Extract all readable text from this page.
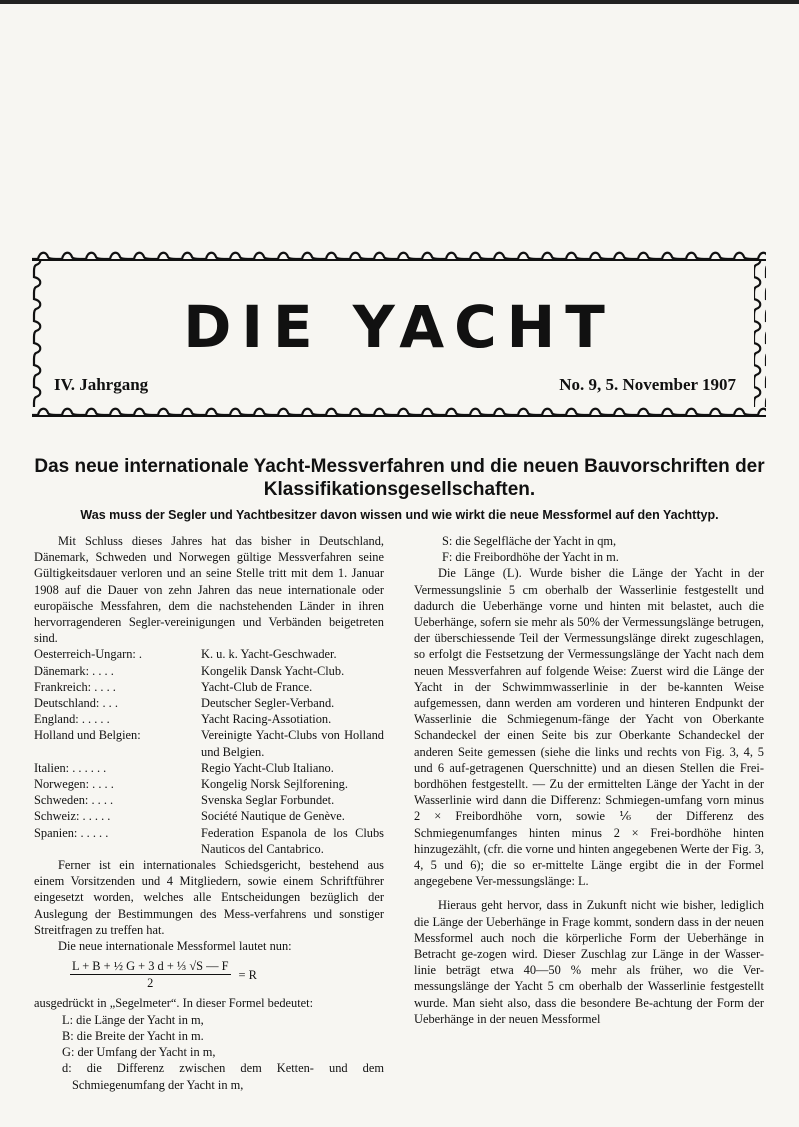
DIE YACHT
IV. Jahrgang	No. 9, 5. November 1907
Das neue internationale Yacht-Messverfahren und die neuen Bauvorschriften der Klassifikationsgesellschaften.
Was muss der Segler und Yachtbesitzer davon wissen und wie wirkt die neue Messformel auf den Yachttyp.

Mit Schluss dieses Jahres hat das bisher in Deutschland, Dänemark, Schweden und Norwegen gültige Messverfahren seine Gültigkeitsdauer verloren und an seine Stelle tritt mit dem 1. Januar 1908 auf die Dauer von zehn Jahren das neue internationale oder europäische Messfahren, dem die nachstehenden Länder in ihren hervorragenderen Segler-vereinigungen und Verbänden beigetreten sind.

Oesterreich-Ungarn: .	K. u. k. Yacht-Geschwader.
Dänemark: . . . .	Kongelik Dansk Yacht-Club.
Frankreich: . . . .	Yacht-Club de France.
Deutschland: . . .	Deutscher Segler-Verband.
England: . . . . .	Yacht Racing-Assotiation.
Holland und Belgien:	Vereinigte Yacht-Clubs von Holland und Belgien.
Italien: . . . . . .	Regio Yacht-Club Italiano.
Norwegen: . . . .	Kongelig Norsk Sejlforening.
Schweden: . . . .	Svenska Seglar Forbundet.
Schweiz: . . . . .	Société Nautique de Genève.
Spanien: . . . . .	Federation Espanola de los Clubs Nauticos del Cantabrico.

Ferner ist ein internationales Schiedsgericht, bestehend aus einem Vorsitzenden und 4 Mitgliedern, sowie einem Schriftführer eingesetzt worden, welches alle Entscheidungen bezüglich der Auslegung der Bestimmungen des Mess-verfahrens und sonstiger Streitfragen zu treffen hat.

Die neue internationale Messformel lautet nun:

$\frac{\text{L + B + ½ G + 3 d + ⅓ √S — F}}{2} = R$

ausgedrückt in „Segelmeter“. In dieser Formel bedeutet:

L: die Länge der Yacht in m,

B: die Breite der Yacht in m.

G: der Umfang der Yacht in m,

d: die Differenz zwischen dem Ketten- und dem Schmiegenumfang der Yacht in m,

S: die Segelfläche der Yacht in qm,

F: die Freibordhöhe der Yacht in m.

Die Länge (L). Wurde bisher die Länge der Yacht in der Vermessungslinie 5 cm oberhalb der Wasserlinie festgestellt und dadurch die Ueberhänge vorne und hinten mit belastet, auch die Ueberhänge, sofern sie mehr als 50% der Vermessungslänge betrugen, der überschiessende Teil der Vermessungslänge direkt zugeschlagen, so erfolgt die Festsetzung der Vermessungslänge der Yacht nach dem neuen Messverfahren auf folgende Weise: Zuerst wird die Länge der Yacht in der Schwimmwasserlinie in der be-kannten Weise aufgemessen, dann werden am vorderen und hinteren Endpunkt der Wasserlinie die Schmiegenum-fänge der Yacht von Oberkante Schandeckel der einen Seite bis zur Oberkante Schandeckel der anderen Seite gemessen (siehe die links und rechts von Fig. 3, 4, 5 und 6 auf-getragenen Querschnitte) und an diesen Stellen die Frei-bordhöhen festgestellt. — Zu der ermittelten Länge der Yacht in der Wasserlinie wird dann die Differenz: Schmiegen-umfang vorn minus 2 × Freibordhöhe vorn, sowie ⅙ der Differenz des Schmiegenumfanges hinten minus 2 × Frei-bordhöhe hinten hinzugezählt, (cfr. die vorne und hinten angegebenen Werte der Fig. 3, 4, 5 und 6); die so er-mittelte Länge ergibt die in der Formel angegebene Ver-messungslänge: L.

Hieraus geht hervor, dass in Zukunft nicht wie bisher, lediglich die Länge der Ueberhänge in Frage kommt, sondern dass in der neuen Messformel auch noch die körperliche Form der Ueberhänge in Betracht ge-zogen wird. Dieser Zuschlag zur Länge in der Wasser-linie beträgt etwa 40—50 % mehr als früher, wo die Ver-messungslänge der Yacht 5 cm oberhalb der Wasserlinie festgestellt wurde. Man sieht also, dass die besondere Be-achtung der Form der Ueberhänge in der neuen Messformel
